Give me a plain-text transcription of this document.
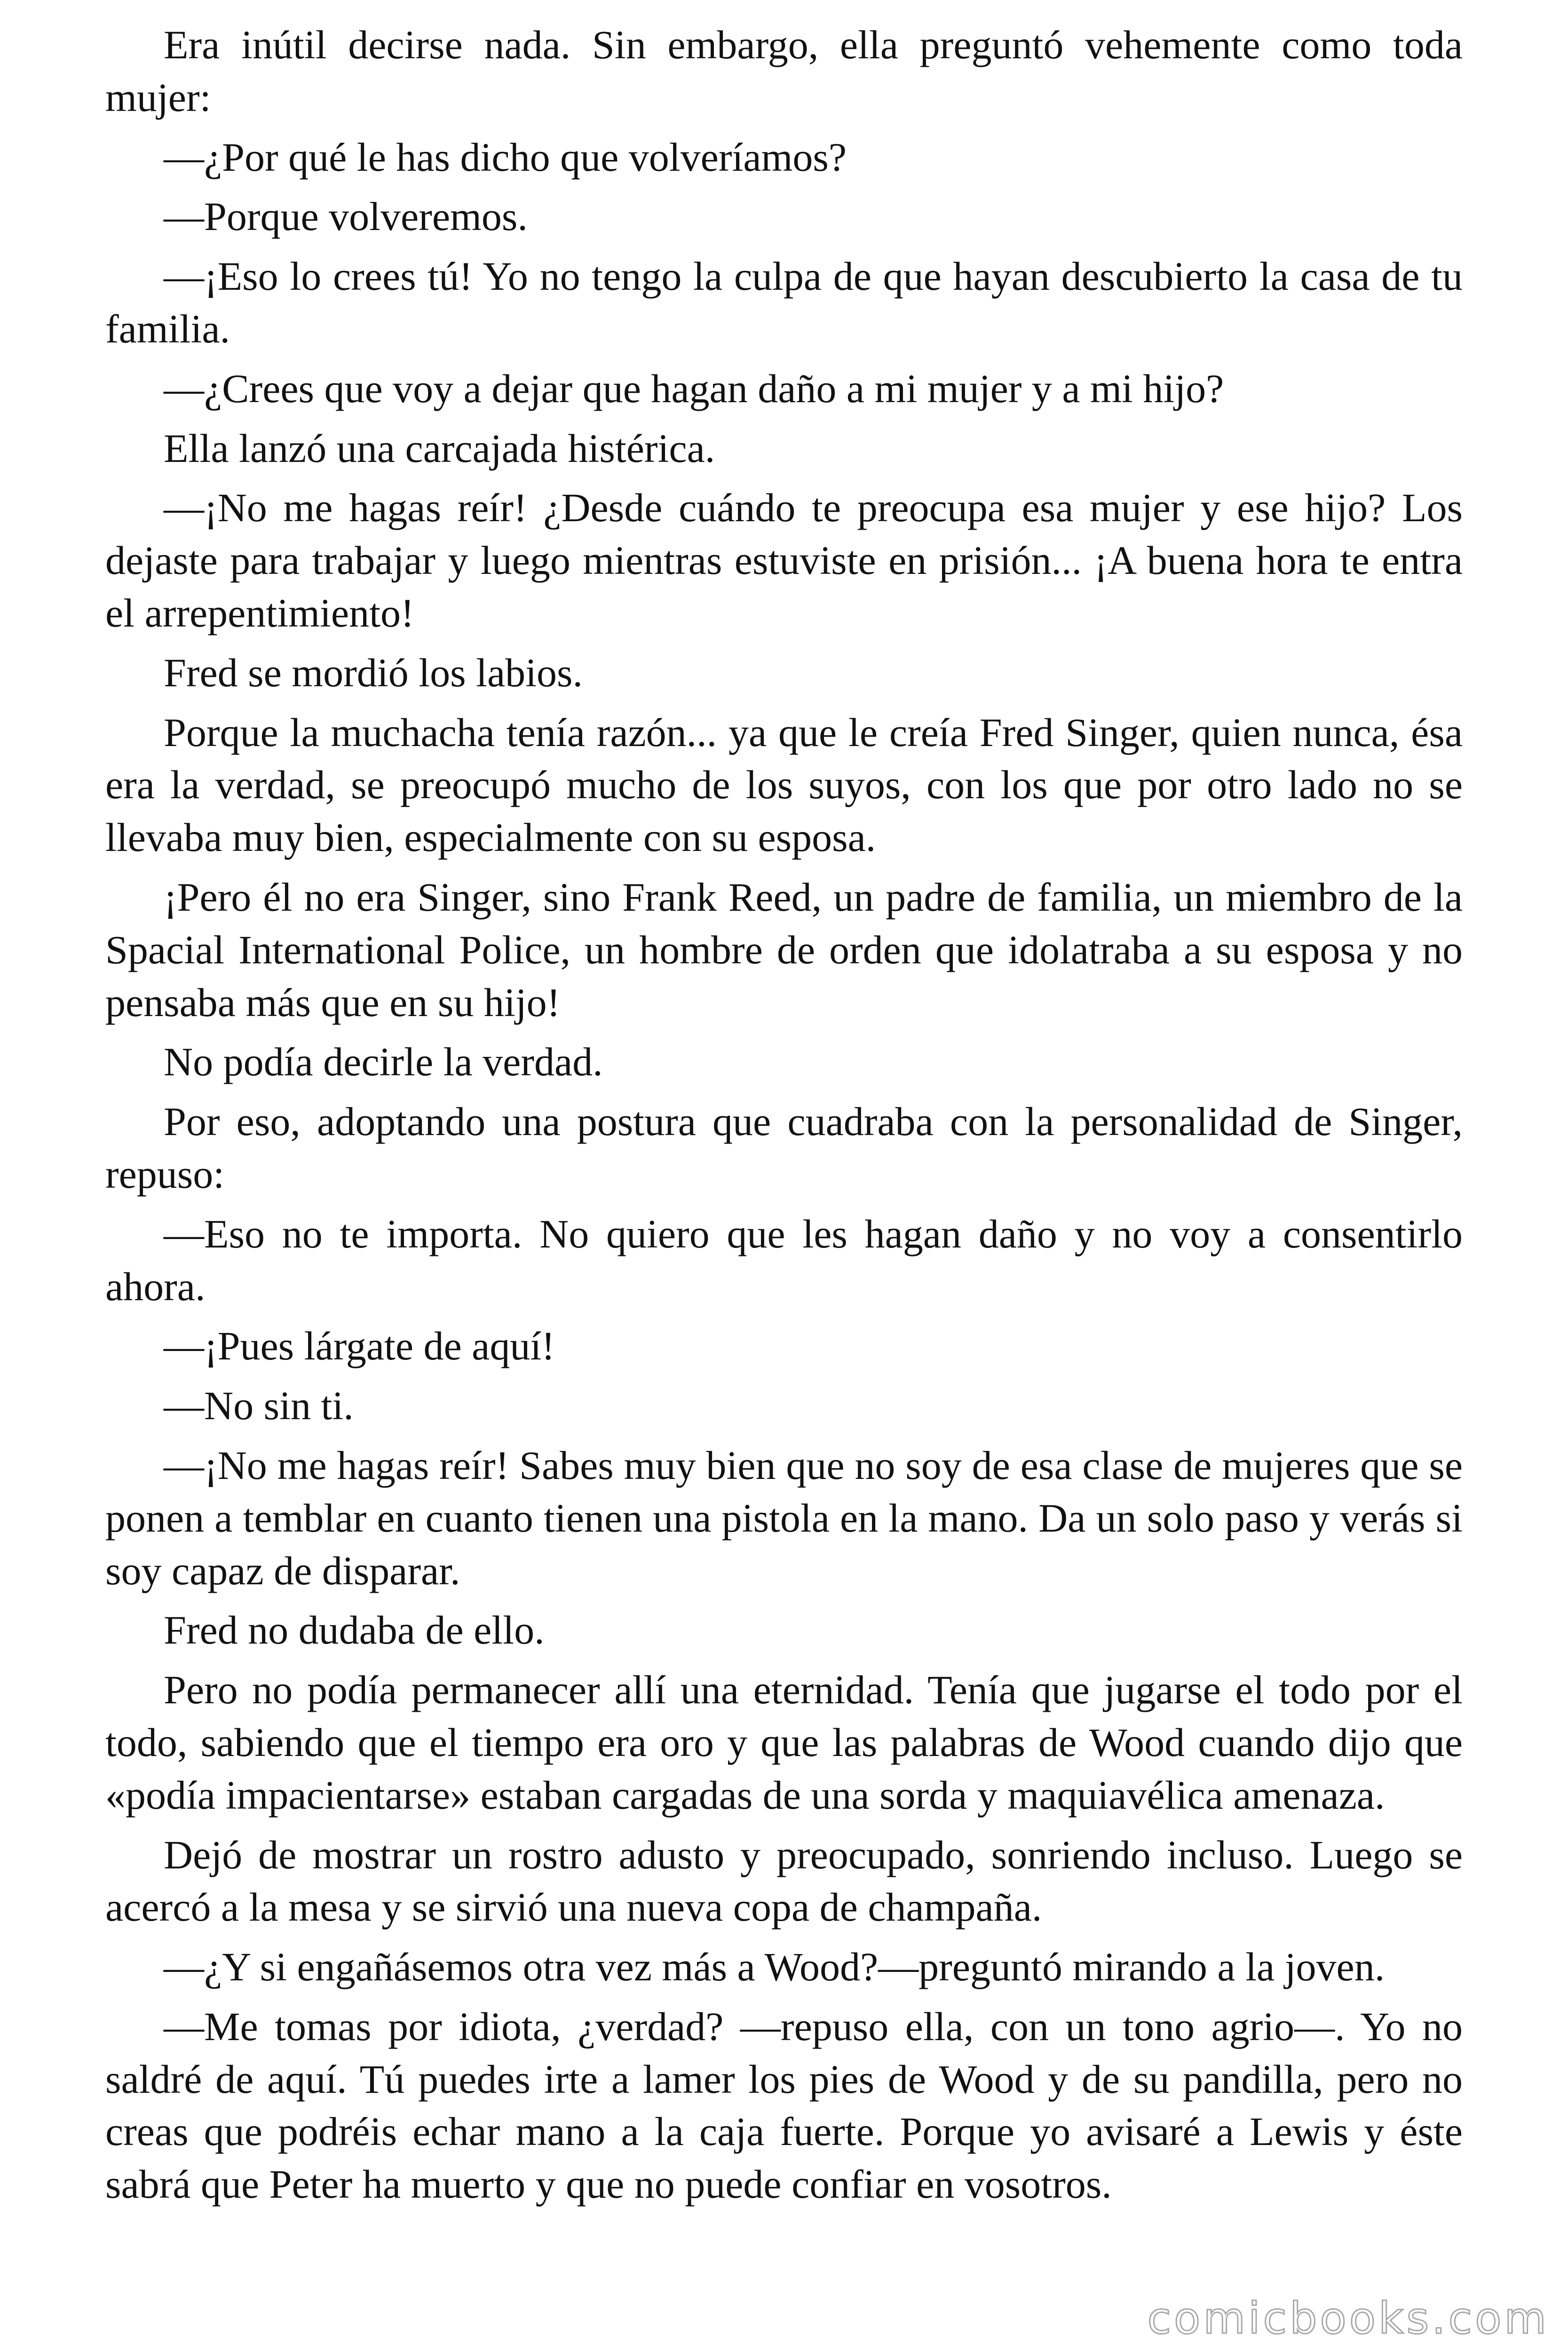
Era inútil decirse nada. Sin embargo, ella preguntó vehemente como toda mujer:

—¿Por qué le has dicho que volveríamos?

—Porque volveremos.

—¡Eso lo crees tú! Yo no tengo la culpa de que hayan descubierto la casa de tu familia.

—¿Crees que voy a dejar que hagan daño a mi mujer y a mi hijo?

Ella lanzó una carcajada histérica.

—¡No me hagas reír! ¿Desde cuándo te preocupa esa mujer y ese hijo? Los dejaste para trabajar y luego mientras estuviste en prisión... ¡A buena hora te entra el arrepentimiento!

Fred se mordió los labios.

Porque la muchacha tenía razón... ya que le creía Fred Singer, quien nunca, ésa era la verdad, se preocupó mucho de los suyos, con los que por otro lado no se llevaba muy bien, especialmente con su esposa.

¡Pero él no era Singer, sino Frank Reed, un padre de familia, un miembro de la Spacial International Police, un hombre de orden que idolatraba a su esposa y no pensaba más que en su hijo!

No podía decirle la verdad.

Por eso, adoptando una postura que cuadraba con la personalidad de Singer, repuso:

—Eso no te importa. No quiero que les hagan daño y no voy a consentirlo ahora.

—¡Pues lárgate de aquí!

—No sin ti.

—¡No me hagas reír! Sabes muy bien que no soy de esa clase de mujeres que se ponen a temblar en cuanto tienen una pistola en la mano. Da un solo paso y verás si soy capaz de disparar.

Fred no dudaba de ello.

Pero no podía permanecer allí una eternidad. Tenía que jugarse el todo por el todo, sabiendo que el tiempo era oro y que las palabras de Wood cuando dijo que «podía impacientarse» estaban cargadas de una sorda y maquiavélica amenaza.

Dejó de mostrar un rostro adusto y preocupado, sonriendo incluso. Luego se acercó a la mesa y se sirvió una nueva copa de champaña.

—¿Y si engañásemos otra vez más a Wood?—preguntó mirando a la joven.

—Me tomas por idiota, ¿verdad? —repuso ella, con un tono agrio—. Yo no saldré de aquí. Tú puedes irte a lamer los pies de Wood y de su pandilla, pero no creas que podréis echar mano a la caja fuerte. Porque yo avisaré a Lewis y éste sabrá que Peter ha muerto y que no puede confiar en vosotros.

comicbooks.com
